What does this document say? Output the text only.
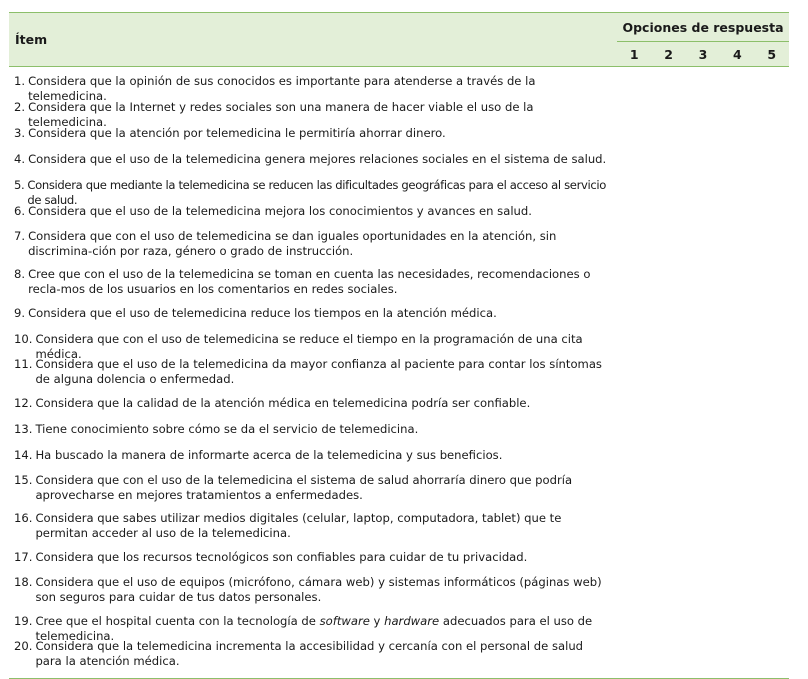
Ítem
Opciones de respuesta
1	2	3	4	5
1. Considera que la opinión de sus conocidos es importante para atenderse a través de la telemedicina.
2. Considera que la Internet y redes sociales son una manera de hacer viable el uso de la telemedicina.
3. Considera que la atención por telemedicina le permitiría ahorrar dinero.
4. Considera que el uso de la telemedicina genera mejores relaciones sociales en el sistema de salud.
5. Considera que mediante la telemedicina se reducen las dificultades geográficas para el acceso al servicio de salud.
6. Considera que el uso de la telemedicina mejora los conocimientos y avances en salud.
7. Considera que con el uso de telemedicina se dan iguales oportunidades en la atención, sin discrimina-ción por raza, género o grado de instrucción.
8. Cree que con el uso de la telemedicina se toman en cuenta las necesidades, recomendaciones o recla-mos de los usuarios en los comentarios en redes sociales.
9. Considera que el uso de telemedicina reduce los tiempos en la atención médica.
10. Considera que con el uso de telemedicina se reduce el tiempo en la programación de una cita médica.
11. Considera que el uso de la telemedicina da mayor confianza al paciente para contar los síntomas de alguna dolencia o enfermedad.
12. Considera que la calidad de la atención médica en telemedicina podría ser confiable.
13. Tiene conocimiento sobre cómo se da el servicio de telemedicina.
14. Ha buscado la manera de informarte acerca de la telemedicina y sus beneficios.
15. Considera que con el uso de la telemedicina el sistema de salud ahorraría dinero que podría aprovecharse en mejores tratamientos a enfermedades.
16. Considera que sabes utilizar medios digitales (celular, laptop, computadora, tablet) que te permitan acceder al uso de la telemedicina.
17. Considera que los recursos tecnológicos son confiables para cuidar de tu privacidad.
18. Considera que el uso de equipos (micrófono, cámara web) y sistemas informáticos (páginas web) son seguros para cuidar de tus datos personales.
19. Cree que el hospital cuenta con la tecnología de software y hardware adecuados para el uso de telemedicina.
20. Considera que la telemedicina incrementa la accesibilidad y cercanía con el personal de salud para la atención médica.
